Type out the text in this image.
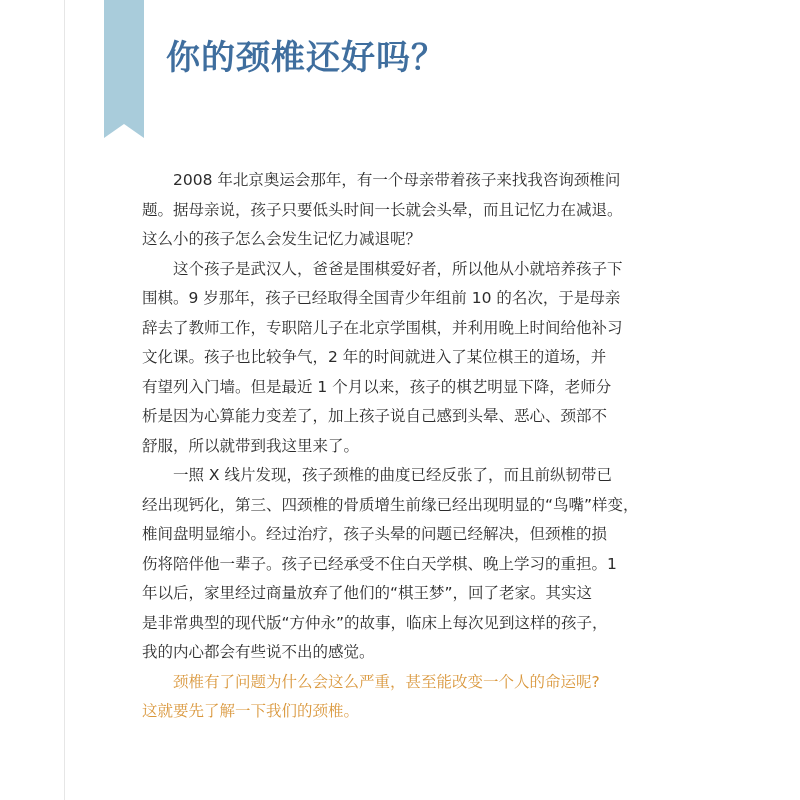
你的颈椎还好吗？

2008 年北京奥运会那年，有一个母亲带着孩子来找我咨询颈椎问
题。据母亲说，孩子只要低头时间一长就会头晕，而且记忆力在减退。
这么小的孩子怎么会发生记忆力减退呢？

这个孩子是武汉人，爸爸是围棋爱好者，所以他从小就培养孩子下
围棋。9 岁那年，孩子已经取得全国青少年组前 10 的名次，于是母亲
辞去了教师工作，专职陪儿子在北京学围棋，并利用晚上时间给他补习
文化课。孩子也比较争气，2 年的时间就进入了某位棋王的道场，并
有望列入门墙。但是最近 1 个月以来，孩子的棋艺明显下降，老师分
析是因为心算能力变差了，加上孩子说自己感到头晕、恶心、颈部不
舒服，所以就带到我这里来了。

一照 X 线片发现，孩子颈椎的曲度已经反张了，而且前纵韧带已
经出现钙化，第三、四颈椎的骨质增生前缘已经出现明显的“鸟嘴”样变，
椎间盘明显缩小。经过治疗，孩子头晕的问题已经解决，但颈椎的损
伤将陪伴他一辈子。孩子已经承受不住白天学棋、晚上学习的重担。1
年以后，家里经过商量放弃了他们的“棋王梦”，回了老家。其实这
是非常典型的现代版“方仲永”的故事，临床上每次见到这样的孩子，
我的内心都会有些说不出的感觉。

颈椎有了问题为什么会这么严重，甚至能改变一个人的命运呢?
这就要先了解一下我们的颈椎。
